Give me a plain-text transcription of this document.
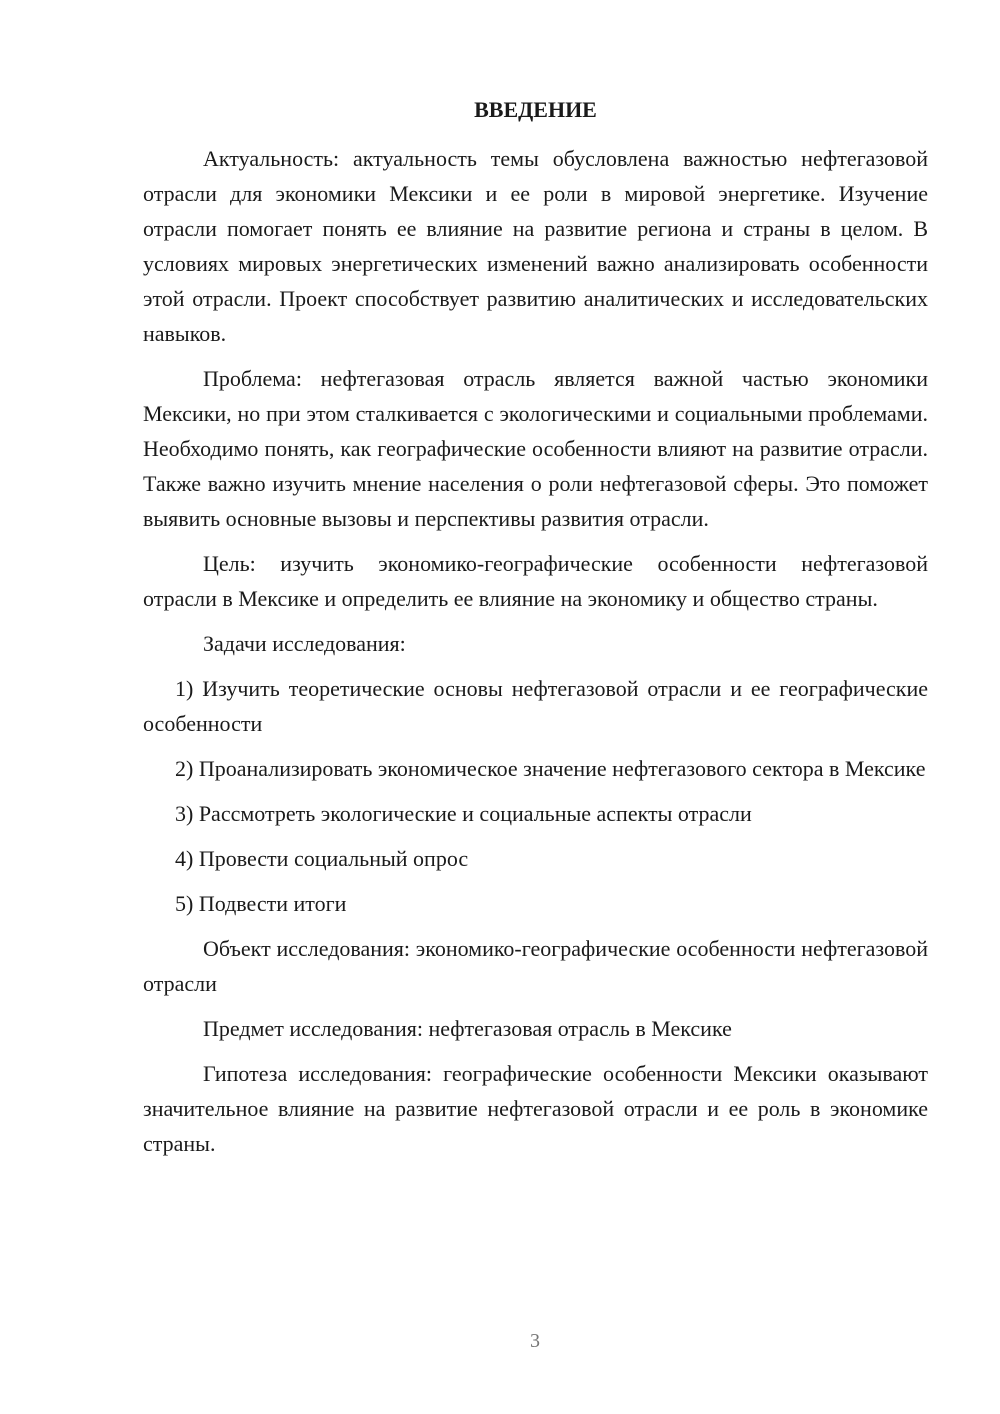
ВВЕДЕНИЕ

Актуальность: актуальность темы обусловлена важностью нефтегазовой отрасли для экономики Мексики и ее роли в мировой энергетике. Изучение отрасли помогает понять ее влияние на развитие региона и страны в целом. В условиях мировых энергетических изменений важно анализировать особенности этой отрасли. Проект способствует развитию аналитических и исследовательских навыков.

Проблема: нефтегазовая отрасль является важной частью экономики Мексики, но при этом сталкивается с экологическими и социальными проблемами. Необходимо понять, как географические особенности влияют на развитие отрасли. Также важно изучить мнение населения о роли нефтегазовой сферы. Это поможет выявить основные вызовы и перспективы развития отрасли.

Цель: изучить экономико-географические особенности нефтегазовой отрасли в Мексике и определить ее влияние на экономику и общество страны.

Задачи исследования:

1) Изучить теоретические основы нефтегазовой отрасли и ее географические особенности

2) Проанализировать экономическое значение нефтегазового сектора в Мексике

3) Рассмотреть экологические и социальные аспекты отрасли

4) Провести социальный опрос

5) Подвести итоги

Объект исследования: экономико-географические особенности нефтегазовой отрасли

Предмет исследования: нефтегазовая отрасль в Мексике

Гипотеза исследования: географические особенности Мексики оказывают значительное влияние на развитие нефтегазовой отрасли и ее роль в экономике страны.

3
